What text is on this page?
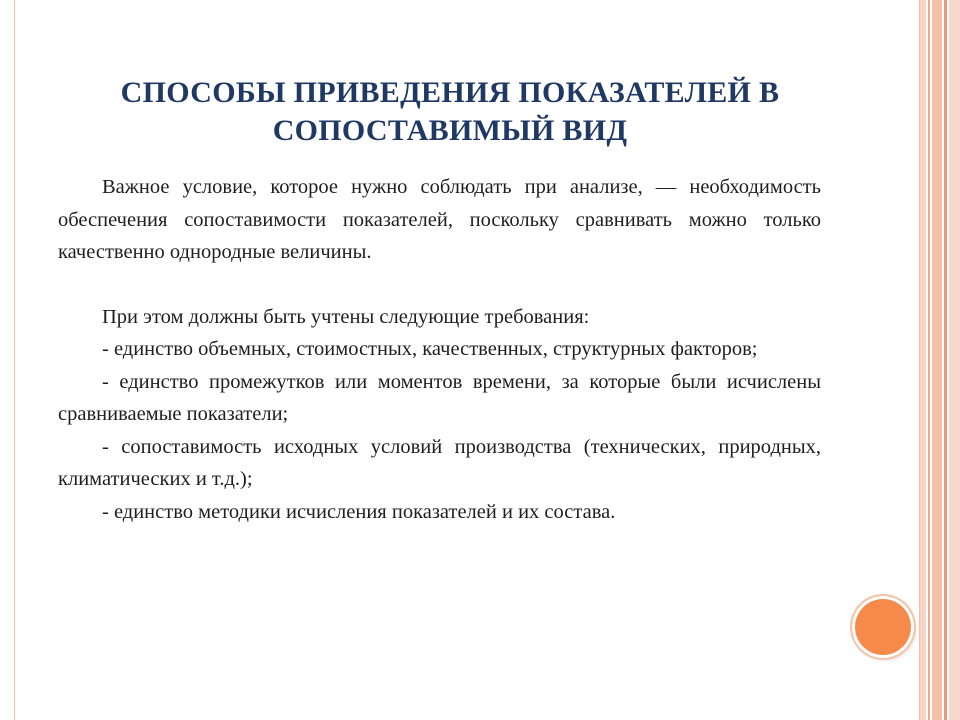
СПОСОБЫ ПРИВЕДЕНИЯ ПОКАЗАТЕЛЕЙ В
СОПОСТАВИМЫЙ ВИД

Важное условие, которое нужно соблюдать при анализе, — необходимость обеспечения сопоставимости показателей, поскольку сравнивать можно только качественно однородные величины.

При этом должны быть учтены следующие требования:

- единство объемных, стоимостных, качественных, структурных факторов;

- единство промежутков или моментов времени, за которые были исчислены сравниваемые показатели;

- сопоставимость исходных условий производства (технических, природных, климатических и т.д.);

- единство методики исчисления показателей и их состава.
